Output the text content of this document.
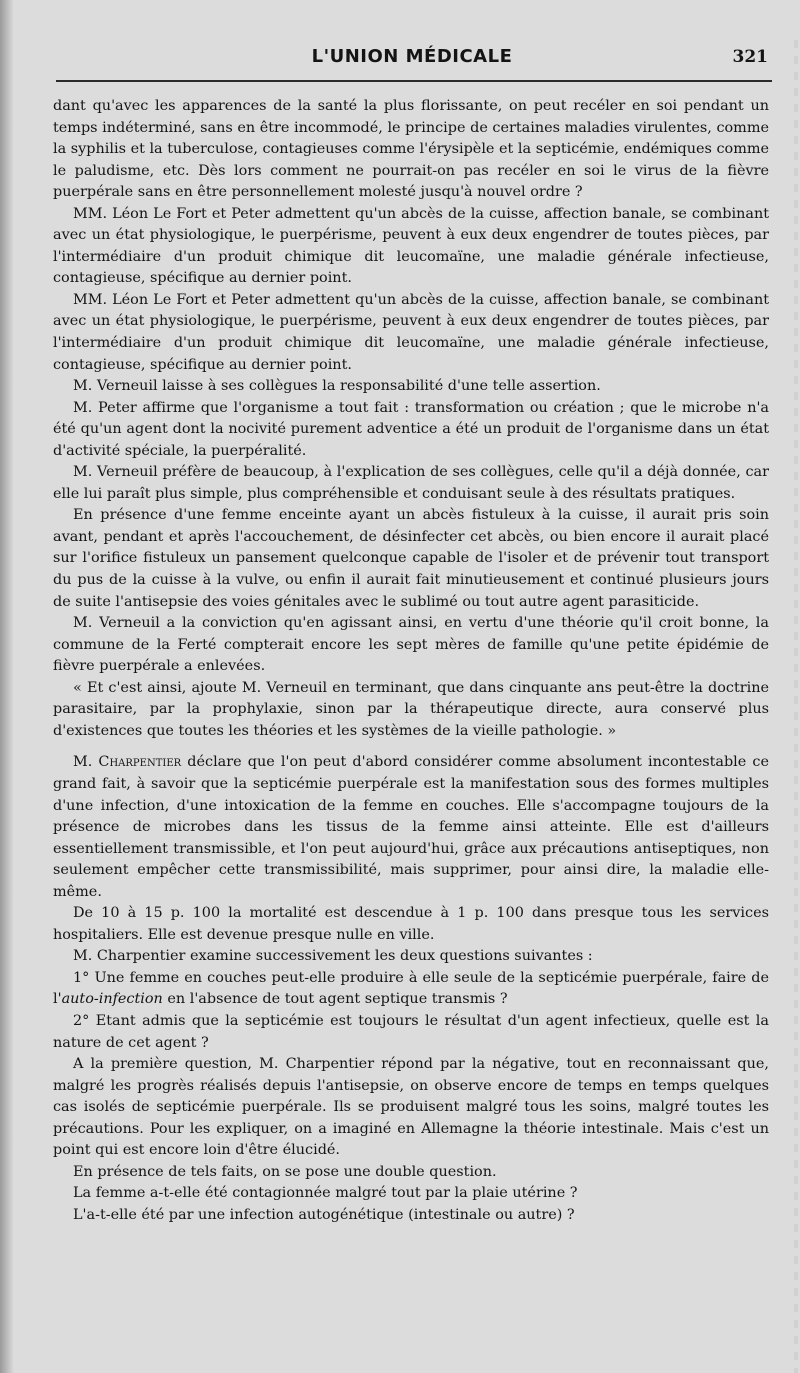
L'UNION MÉDICALE	321

dant qu'avec les apparences de la santé la plus florissante, on peut recéler en soi pendant un temps indéterminé, sans en être incommodé, le principe de certaines maladies virulentes, comme la syphilis et la tuberculose, contagieuses comme l'érysipèle et la septicémie, endémiques comme le paludisme, etc. Dès lors comment ne pourrait-on pas recéler en soi le virus de la fièvre puerpérale sans en être personnellement molesté jusqu'à nouvel ordre ?

MM. Léon Le Fort et Peter admettent qu'un abcès de la cuisse, affection banale, se combinant avec un état physiologique, le puerpérisme, peuvent à eux deux engendrer de toutes pièces, par l'intermédiaire d'un produit chimique dit leucomaïne, une maladie générale infectieuse, contagieuse, spécifique au dernier point.

MM. Léon Le Fort et Peter admettent qu'un abcès de la cuisse, affection banale, se combinant avec un état physiologique, le puerpérisme, peuvent à eux deux engendrer de toutes pièces, par l'intermédiaire d'un produit chimique dit leucomaïne, une maladie générale infectieuse, contagieuse, spécifique au dernier point.

M. Verneuil laisse à ses collègues la responsabilité d'une telle assertion.

M. Peter affirme que l'organisme a tout fait : transformation ou création ; que le microbe n'a été qu'un agent dont la nocivité purement adventice a été un produit de l'organisme dans un état d'activité spéciale, la puerpéralité.

M. Verneuil préfère de beaucoup, à l'explication de ses collègues, celle qu'il a déjà donnée, car elle lui paraît plus simple, plus compréhensible et conduisant seule à des résultats pratiques.

En présence d'une femme enceinte ayant un abcès fistuleux à la cuisse, il aurait pris soin avant, pendant et après l'accouchement, de désinfecter cet abcès, ou bien encore il aurait placé sur l'orifice fistuleux un pansement quelconque capable de l'isoler et de prévenir tout transport du pus de la cuisse à la vulve, ou enfin il aurait fait minutieusement et continué plusieurs jours de suite l'antisepsie des voies génitales avec le sublimé ou tout autre agent parasiticide.

M. Verneuil a la conviction qu'en agissant ainsi, en vertu d'une théorie qu'il croit bonne, la commune de la Ferté compterait encore les sept mères de famille qu'une petite épidémie de fièvre puerpérale a enlevées.

« Et c'est ainsi, ajoute M. Verneuil en terminant, que dans cinquante ans peut-être la doctrine parasitaire, par la prophylaxie, sinon par la thérapeutique directe, aura conservé plus d'existences que toutes les théories et les systèmes de la vieille pathologie. »

M. Charpentier déclare que l'on peut d'abord considérer comme absolument incontestable ce grand fait, à savoir que la septicémie puerpérale est la manifestation sous des formes multiples d'une infection, d'une intoxication de la femme en couches. Elle s'accompagne toujours de la présence de microbes dans les tissus de la femme ainsi atteinte. Elle est d'ailleurs essentiellement transmissible, et l'on peut aujourd'hui, grâce aux précautions antiseptiques, non seulement empêcher cette transmissibilité, mais supprimer, pour ainsi dire, la maladie elle-même.

De 10 à 15 p. 100 la mortalité est descendue à 1 p. 100 dans presque tous les services hospitaliers. Elle est devenue presque nulle en ville.

M. Charpentier examine successivement les deux questions suivantes :

1° Une femme en couches peut-elle produire à elle seule de la septicémie puerpérale, faire de l'auto-infection en l'absence de tout agent septique transmis ?

2° Etant admis que la septicémie est toujours le résultat d'un agent infectieux, quelle est la nature de cet agent ?

A la première question, M. Charpentier répond par la négative, tout en reconnaissant que, malgré les progrès réalisés depuis l'antisepsie, on observe encore de temps en temps quelques cas isolés de septicémie puerpérale. Ils se produisent malgré tous les soins, malgré toutes les précautions. Pour les expliquer, on a imaginé en Allemagne la théorie intestinale. Mais c'est un point qui est encore loin d'être élucidé.

En présence de tels faits, on se pose une double question.

La femme a-t-elle été contagionnée malgré tout par la plaie utérine ?

L'a-t-elle été par une infection autogénétique (intestinale ou autre) ?
